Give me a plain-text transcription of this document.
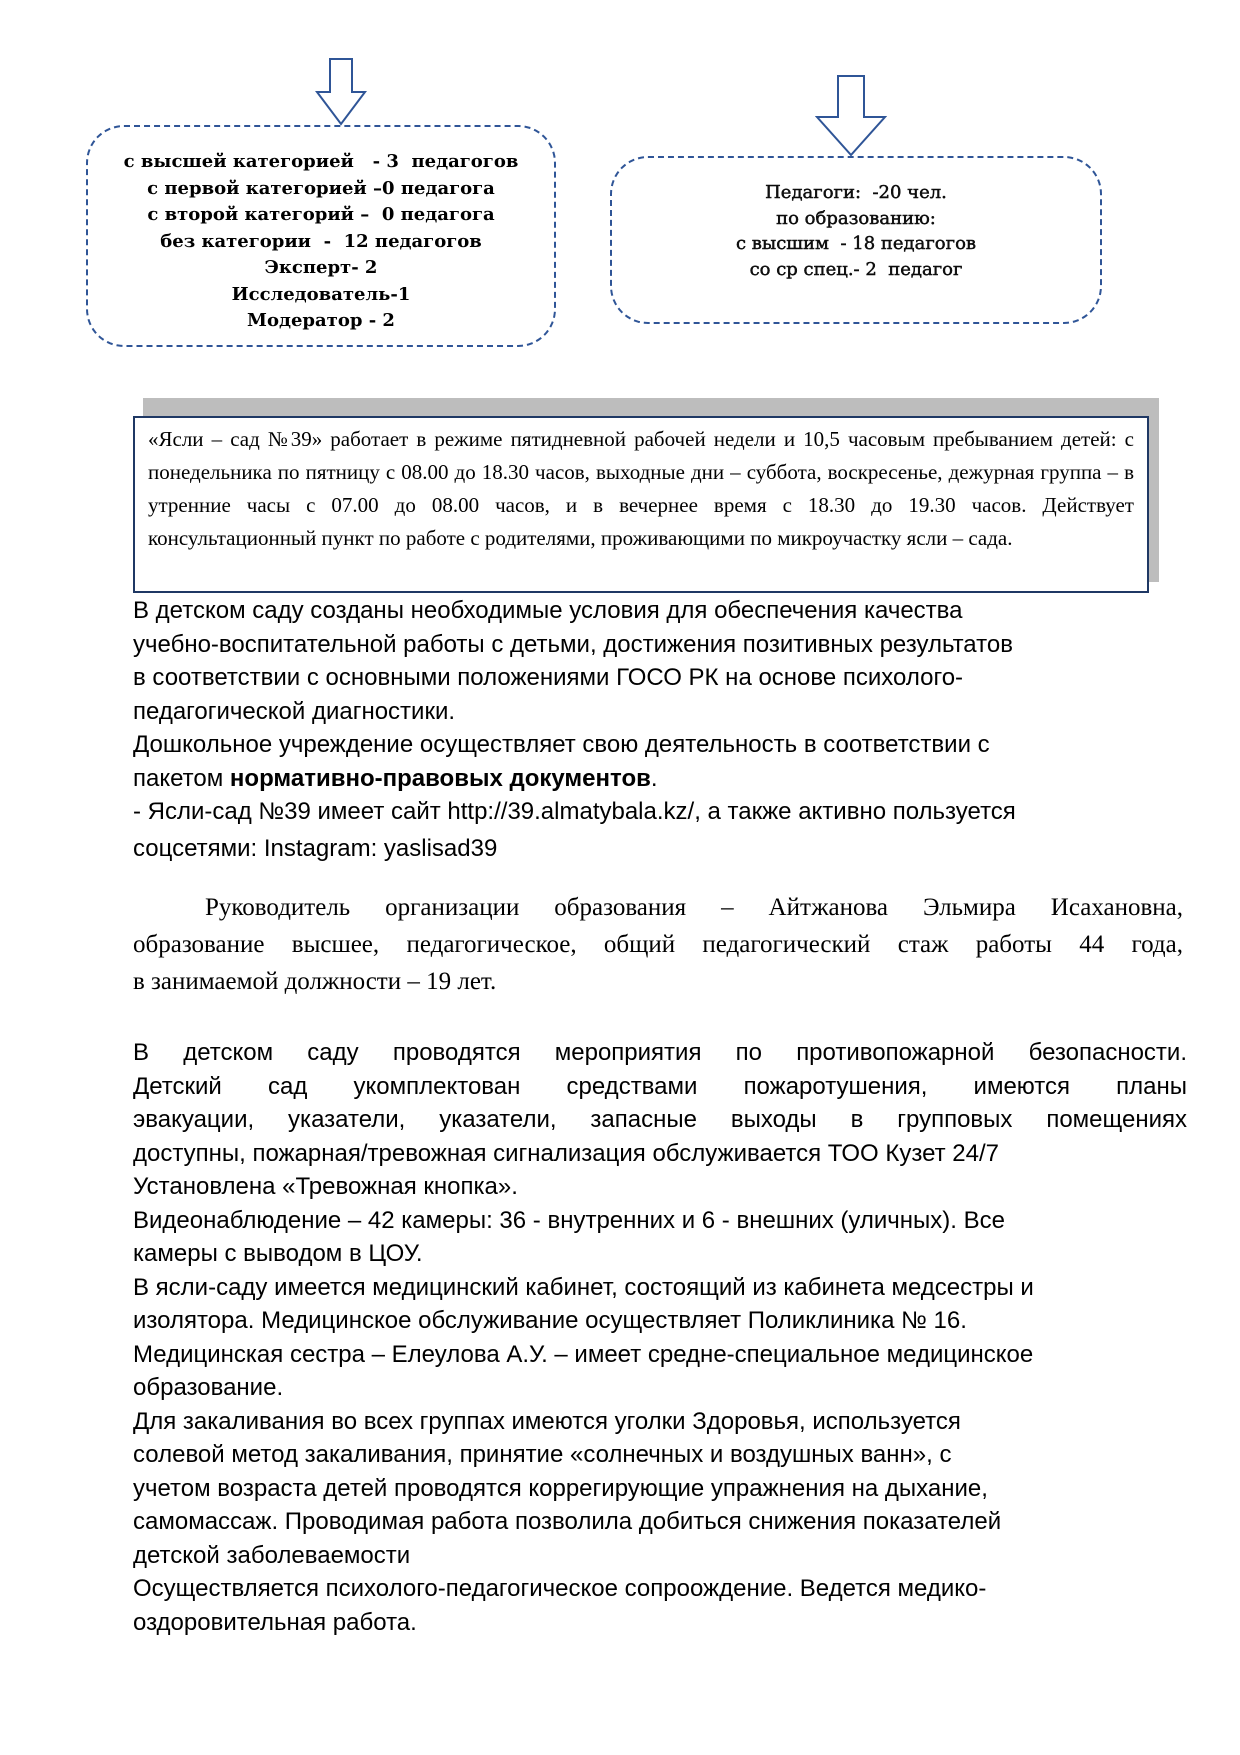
с высшей категорией   - 3  педагогов
с первой категорией –0 педагога
с второй категорий –  0 педагога
без категории  -  12 педагогов
Эксперт- 2
Исследователь-1
Модератор - 2
Педагоги:  -20 чел.
по образованию:
с высшим  - 18 педагогов
со ср спец.- 2  педагог
«Ясли – сад №39» работает в режиме пятидневной рабочей недели и 10,5 часовым пребыванием детей: с понедельника по пятницу с 08.00 до 18.30 часов, выходные дни – суббота, воскресенье, дежурная группа – в утренние часы с 07.00 до 08.00 часов, и в вечернее время с 18.30 до 19.30 часов. Действует консультационный пункт по работе с родителями, проживающими по микроучастку ясли – сада.
В детском саду созданы необходимые условия для обеспечения качества
учебно-воспитательной работы с детьми, достижения позитивных результатов
в соответствии с основными положениями ГОСО РК на основе психолого-
педагогической диагностики.
Дошкольное учреждение осуществляет свою деятельность в соответствии с
пакетом нормативно-правовых документов.
- Ясли-сад №39 имеет сайт http://39.almatybala.kz/, а также активно пользуется
соцсетями: Instagram: yaslisad39
Руководитель организации образования – Айтжанова Эльмира Исахановна,
образование высшее, педагогическое, общий педагогический стаж работы 44 года,
в занимаемой должности – 19 лет.
В детском саду проводятся мероприятия по противопожарной безопасности.
Детский сад укомплектован средствами пожаротушения, имеются планы
эвакуации, указатели, указатели, запасные выходы в групповых помещениях
доступны, пожарная/тревожная сигнализация обслуживается ТОО Кузет 24/7
Установлена «Тревожная кнопка».
Видеонаблюдение – 42 камеры: 36 - внутренних и 6 - внешних (уличных). Все
камеры с выводом в ЦОУ.
В ясли-саду имеется медицинский кабинет, состоящий из кабинета медсестры и
изолятора. Медицинское обслуживание осуществляет Поликлиника № 16.
Медицинская сестра – Елеулова А.У. – имеет средне-специальное медицинское
образование.
Для закаливания во всех группах имеются уголки Здоровья, используется
солевой метод закаливания, принятие «солнечных и воздушных ванн», с
учетом возраста детей проводятся коррегирующие упражнения на дыхание,
самомассаж. Проводимая работа позволила добиться снижения показателей
детской заболеваемости
Осуществляется психолого-педагогическое сопроождение. Ведется медико-
оздоровительная работа.
